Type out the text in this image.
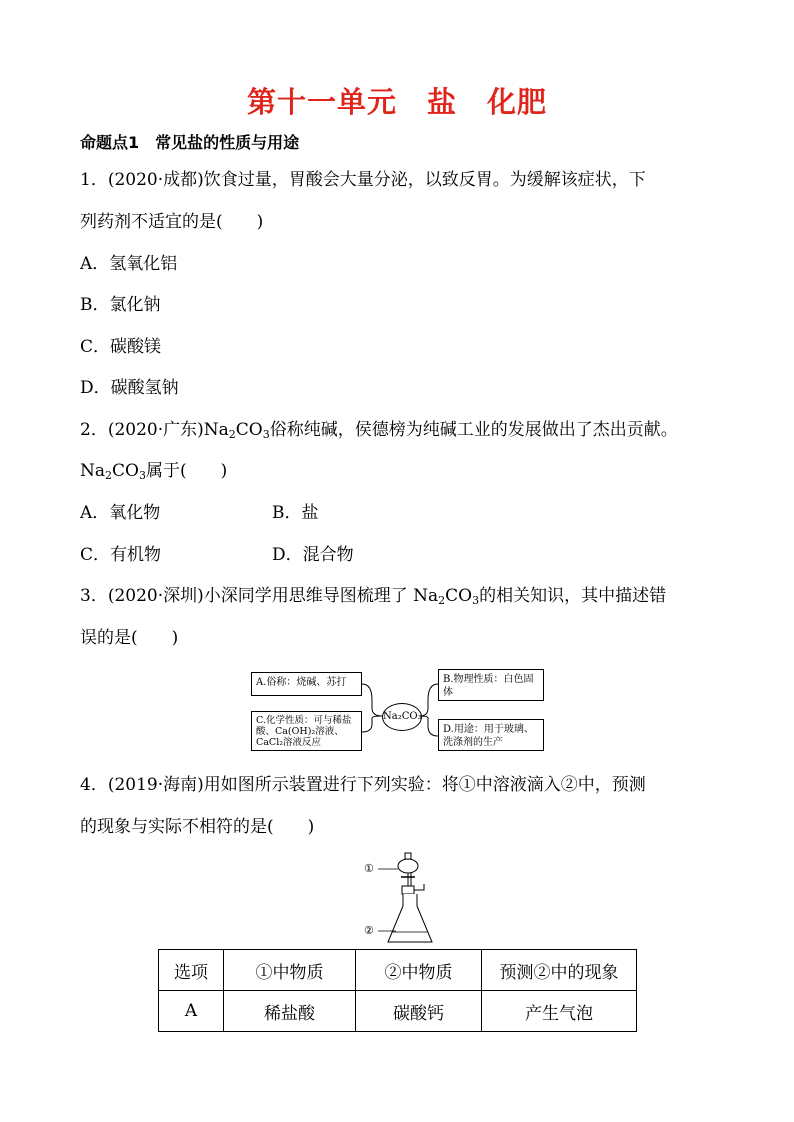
第十一单元　盐　化肥
命题点1　常见盐的性质与用途
1．(2020·成都)饮食过量，胃酸会大量分泌，以致反胃。为缓解该症状，下
列药剂不适宜的是(　　)
A．氢氧化铝
B．氯化钠
C．碳酸镁
D．碳酸氢钠
2．(2020·广东)$Na_2CO_3$俗称纯碱，侯德榜为纯碱工业的发展做出了杰出贡献。
$Na_2CO_3$属于(　　)
A．氧化物	B．盐
C．有机物	D．混合物
3．(2020·深圳)小深同学用思维导图梳理了 $Na_2CO_3$的相关知识，其中描述错
误的是(　　)
A.俗称：烧碱、苏打
C.化学性质：可与稀盐酸、Ca(OH)₂溶液、CaCl₂溶液反应
Na₂CO₃
B.物理性质：白色固体
D.用途：用于玻璃、洗涤剂的生产
4．(2019·海南)用如图所示装置进行下列实验：将①中溶液滴入②中，预测
的现象与实际不相符的是(　　)
①
②
选项	①中物质	②中物质	预测②中的现象
A	稀盐酸	碳酸钙	产生气泡
